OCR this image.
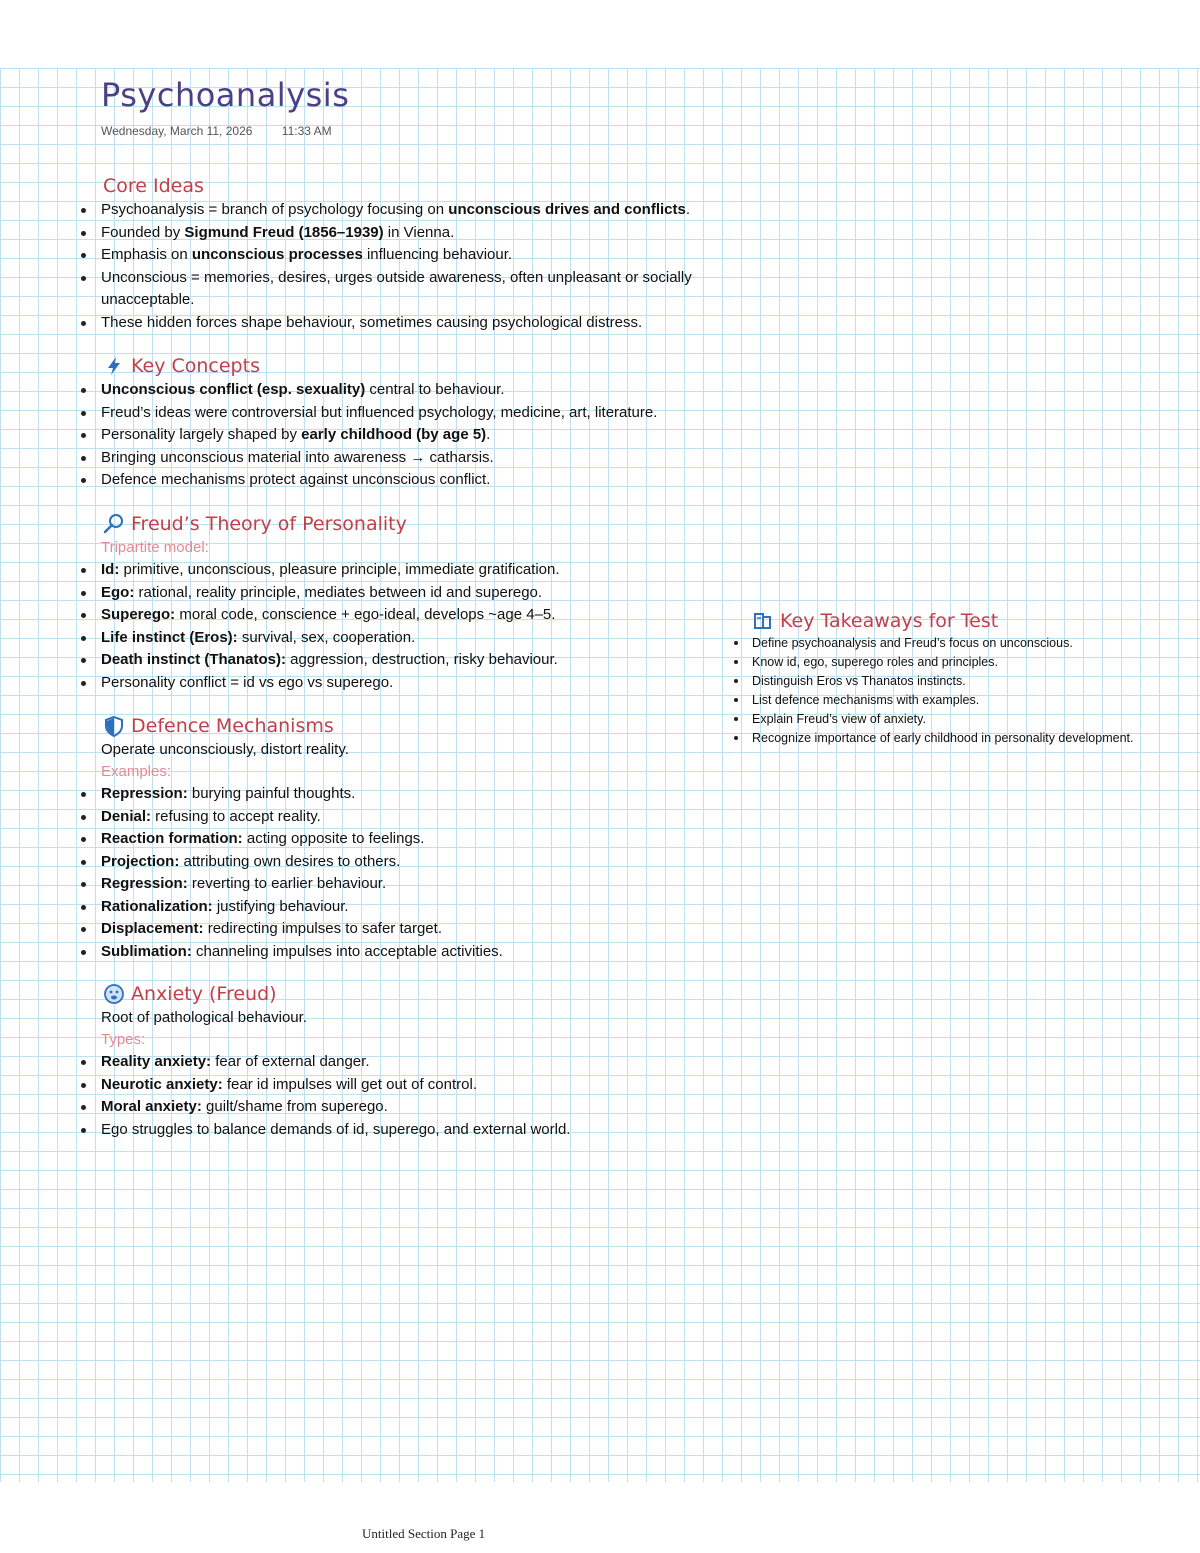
Psychoanalysis
Wednesday, March 11, 2026 11:33 AM
Core Ideas
Psychoanalysis = branch of psychology focusing on unconscious drives and conflicts.
Founded by Sigmund Freud (1856–1939) in Vienna.
Emphasis on unconscious processes influencing behaviour.
Unconscious = memories, desires, urges outside awareness, often unpleasant or socially unacceptable.
These hidden forces shape behaviour, sometimes causing psychological distress.
Key Concepts
Unconscious conflict (esp. sexuality) central to behaviour.
Freud’s ideas were controversial but influenced psychology, medicine, art, literature.
Personality largely shaped by early childhood (by age 5).
Bringing unconscious material into awareness → catharsis.
Defence mechanisms protect against unconscious conflict.
Freud’s Theory of Personality
Tripartite model:
Id: primitive, unconscious, pleasure principle, immediate gratification.
Ego: rational, reality principle, mediates between id and superego.
Superego: moral code, conscience + ego-ideal, develops ~age 4–5.
Life instinct (Eros): survival, sex, cooperation.
Death instinct (Thanatos): aggression, destruction, risky behaviour.
Personality conflict = id vs ego vs superego.
Defence Mechanisms
Operate unconsciously, distort reality.
Examples:
Repression: burying painful thoughts.
Denial: refusing to accept reality.
Reaction formation: acting opposite to feelings.
Projection: attributing own desires to others.
Regression: reverting to earlier behaviour.
Rationalization: justifying behaviour.
Displacement: redirecting impulses to safer target.
Sublimation: channeling impulses into acceptable activities.
Anxiety (Freud)
Root of pathological behaviour.
Types:
Reality anxiety: fear of external danger.
Neurotic anxiety: fear id impulses will get out of control.
Moral anxiety: guilt/shame from superego.
Ego struggles to balance demands of id, superego, and external world.
Key Takeaways for Test
Define psychoanalysis and Freud’s focus on unconscious.
Know id, ego, superego roles and principles.
Distinguish Eros vs Thanatos instincts.
List defence mechanisms with examples.
Explain Freud’s view of anxiety.
Recognize importance of early childhood in personality development.
Untitled Section Page 1
